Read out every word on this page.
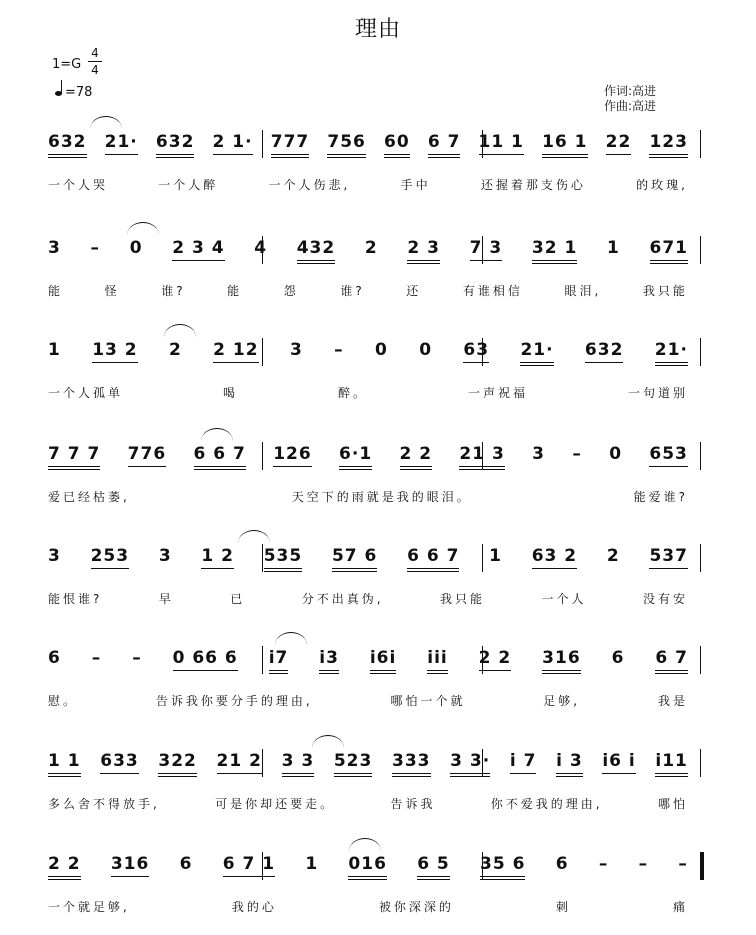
理由
1=G
4
4
=78	作词:高进
作曲:高进
632 21· 632 2 1· 777 756 60 6 7 11 1 16 1 22 123
一个人哭	一个人醉	一个人伤悲,	手中	还握着那支伤心	的玫瑰,
3 – 0 2 3 4 4 432 2 2 3 7 3 32 1 1 671
能	怪	谁?	能	怨	谁?	还	有谁相信	眼泪,	我只能
1 13 2 2 2 12 3 – 0 0 63 21· 632 21·
一个人孤单	喝	醉。	一声祝福	一句道别
7 7 7 776 6 6 7 126 6·1 2 2 21 3 3 – 0 653
爱已经枯萎,	天空下的雨就是我的眼泪。	能爱谁?
3 253 3 1 2 535 57 6 6 6 7 1 63 2 2 537
能恨谁?	早	已	分不出真伪,	我只能	一个人	没有安
6 – – 0 66 6 i7 i3 i6i iii 2 2 316 6 6 7
慰。	告诉我你要分手的理由,	哪怕一个就	足够,	我是
1 1 633 322 21 2 3 3 523 333 3 3· i 7 i 3 i6 i i11
多么舍不得放手,	可是你却还要走。	告诉我	你不爱我的理由,	哪怕
2 2 316 6 6 7 1 1 016 6 5 35 6 6 – – –
一个就足够,	我的心	被你深深的	刺	痛
